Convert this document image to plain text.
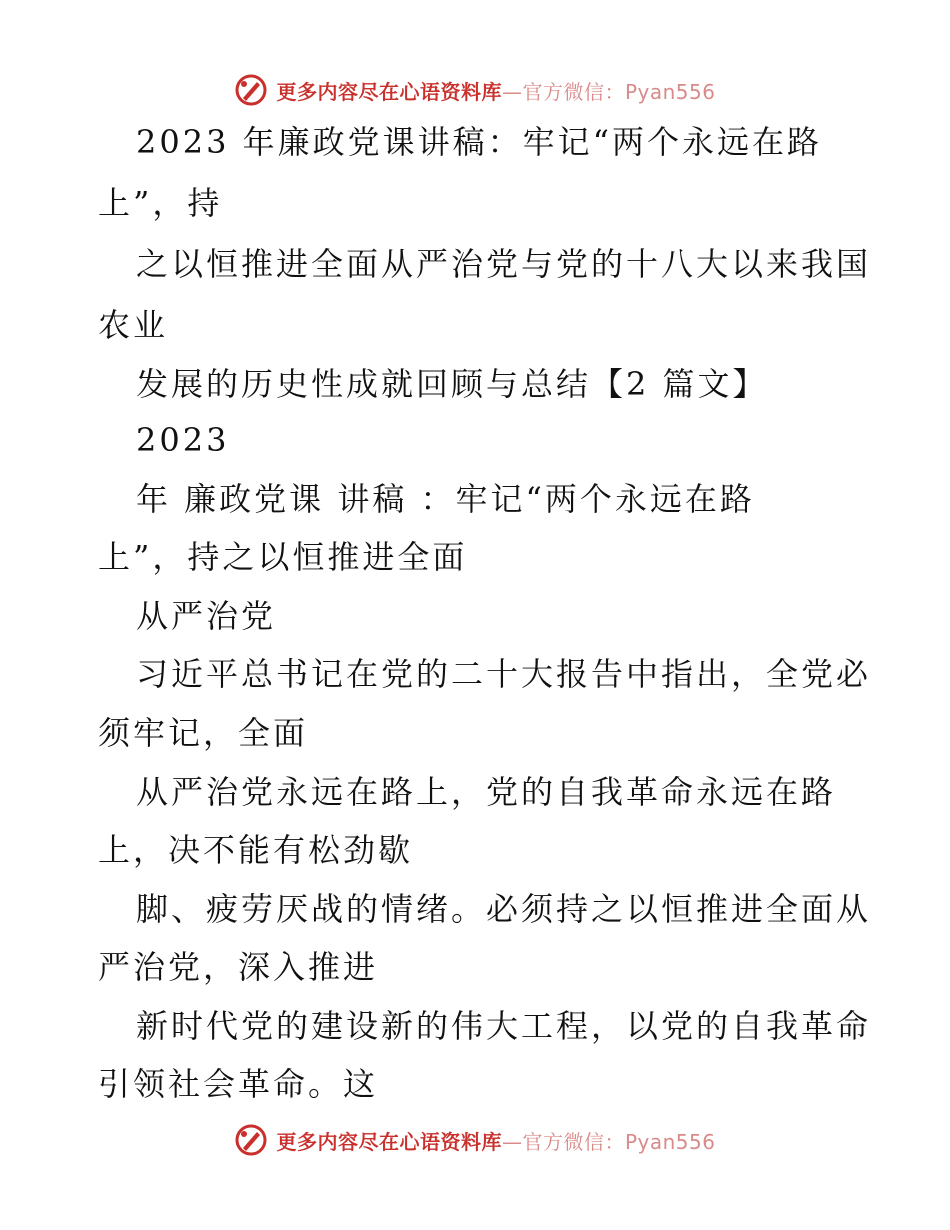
更多内容尽在心语资料库—官方微信：Pyan556
2023 年廉政党课讲稿：牢记“两个永远在路
上”，持
之以恒推进全面从严治党与党的十八大以来我国
农业
发展的历史性成就回顾与总结【2 篇文】
2023
年 廉政党课 讲稿 ：牢记“两个永远在路
上”，持之以恒推进全面
从严治党
习近平总书记在党的二十大报告中指出，全党必
须牢记，全面
从严治党永远在路上，党的自我革命永远在路
上，决不能有松劲歇
脚、疲劳厌战的情绪。必须持之以恒推进全面从
严治党，深入推进
新时代党的建设新的伟大工程，以党的自我革命
引领社会革命。这
更多内容尽在心语资料库—官方微信：Pyan556
